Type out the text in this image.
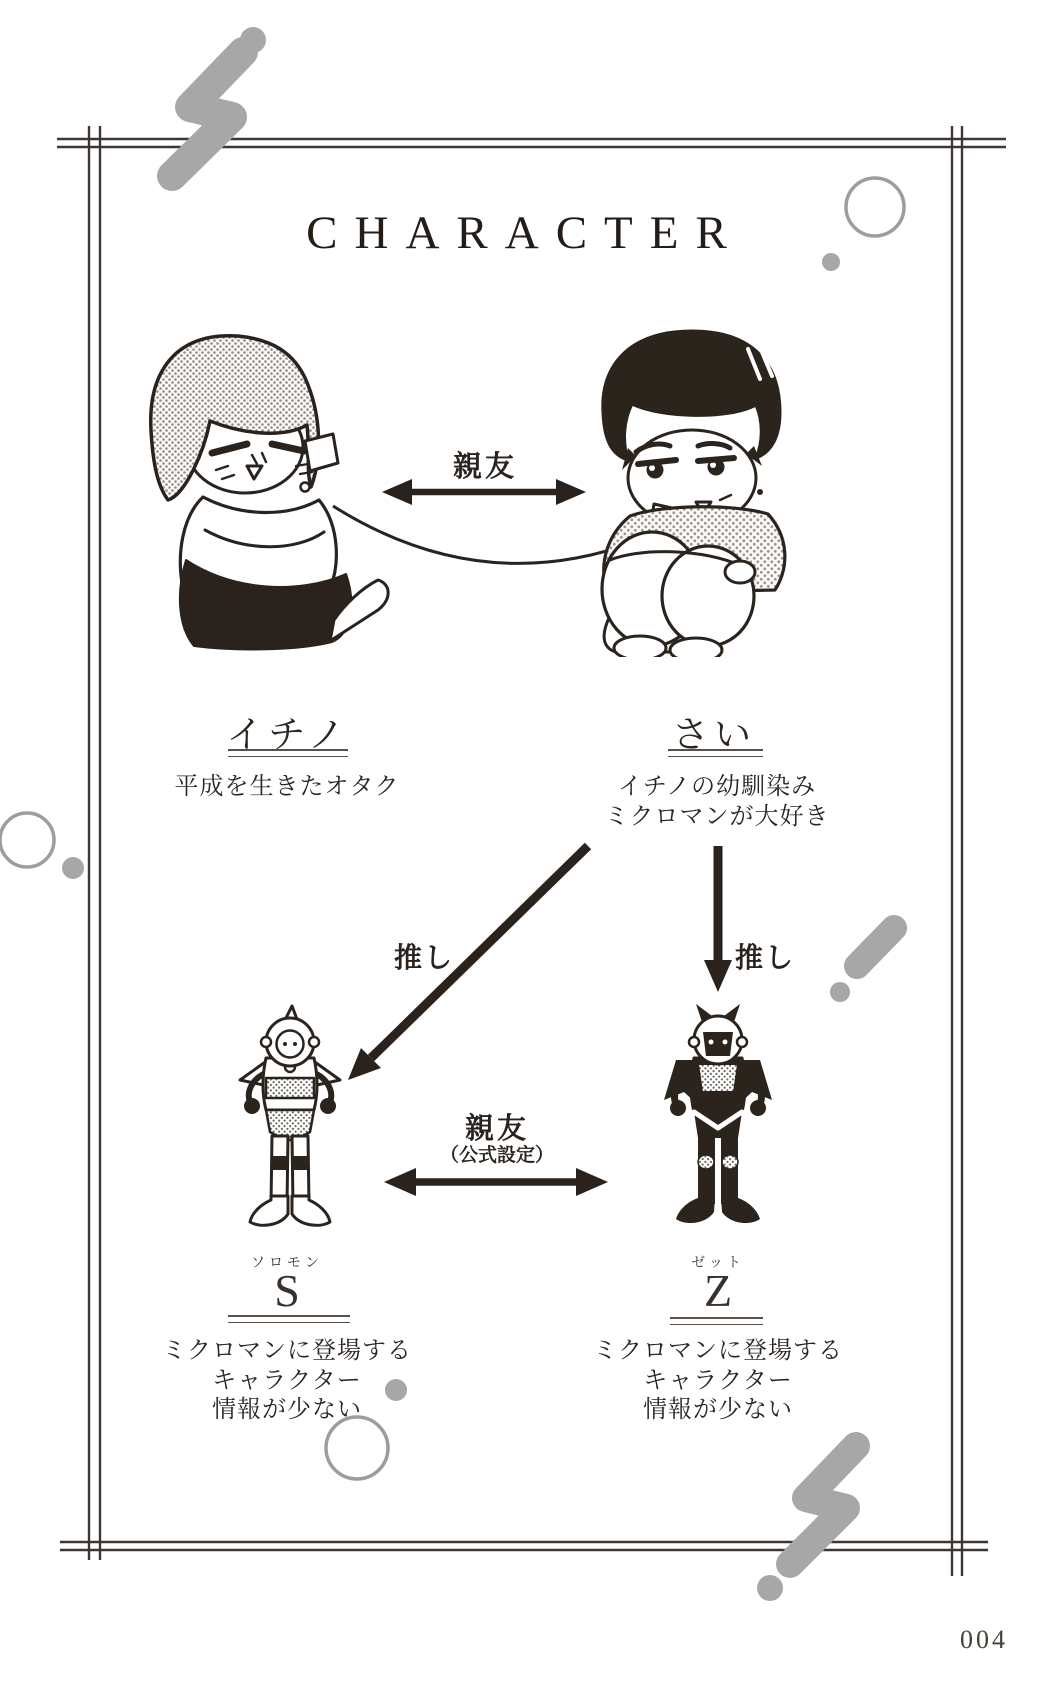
CHARACTER
親友
イチノ
平成を生きたオタク
さい
イチノの幼馴染み
ミクロマンが大好き
推し	推し
親友
（公式設定）
ソロモン
S
ミクロマンに登場する
キャラクター
情報が少ない
ゼット
Z
ミクロマンに登場する
キャラクター
情報が少ない
004
